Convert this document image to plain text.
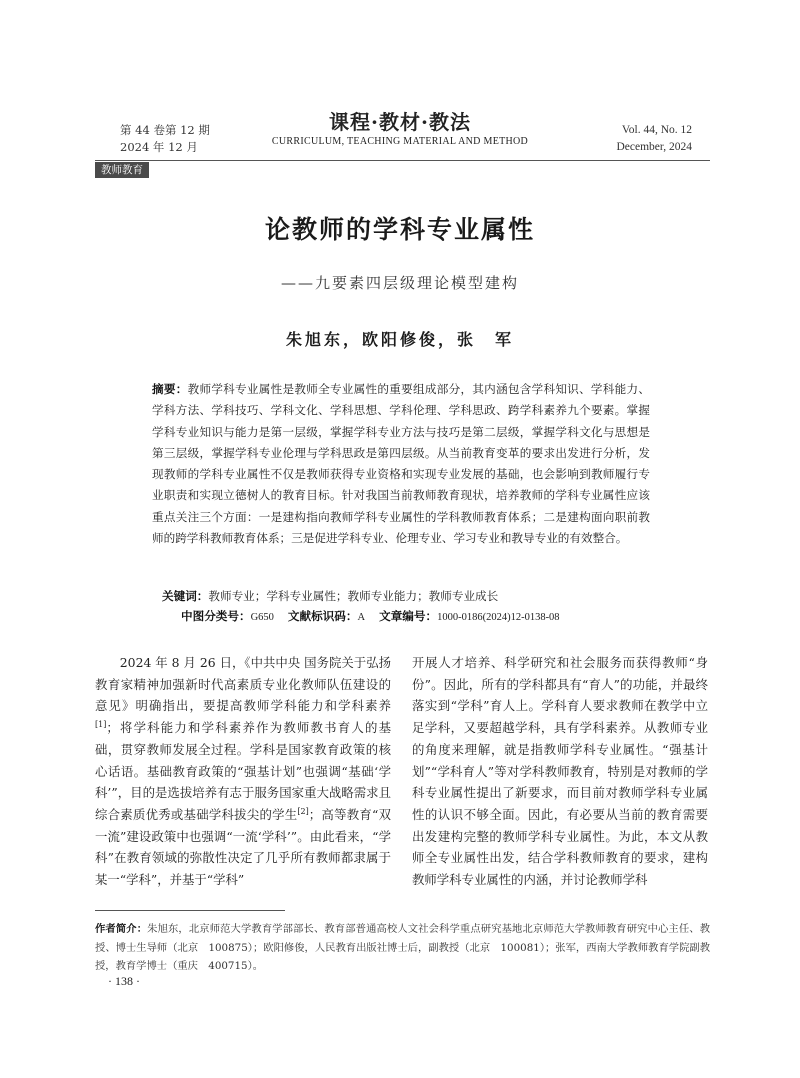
第 44 卷第 12 期
2024 年 12 月
课程·教材·教法
CURRICULUM, TEACHING MATERIAL AND METHOD
Vol. 44, No. 12
December, 2024
教师教育
论教师的学科专业属性
——九要素四层级理论模型建构
朱旭东，欧阳修俊，张　军
摘要：教师学科专业属性是教师全专业属性的重要组成部分，其内涵包含学科知识、学科能力、学科方法、学科技巧、学科文化、学科思想、学科伦理、学科思政、跨学科素养九个要素。掌握学科专业知识与能力是第一层级，掌握学科专业方法与技巧是第二层级，掌握学科文化与思想是第三层级，掌握学科专业伦理与学科思政是第四层级。从当前教育变革的要求出发进行分析，发现教师的学科专业属性不仅是教师获得专业资格和实现专业发展的基础，也会影响到教师履行专业职责和实现立德树人的教育目标。针对我国当前教师教育现状，培养教师的学科专业属性应该重点关注三个方面：一是建构指向教师学科专业属性的学科教师教育体系；二是建构面向职前教师的跨学科教师教育体系；三是促进学科专业、伦理专业、学习专业和教导专业的有效整合。
关键词：教师专业；学科专业属性；教师专业能力；教师专业成长
中图分类号：G650 文献标识码：A 文章编号：1000-0186(2024)12-0138-08

2024 年 8 月 26 日，《中共中央 国务院关于弘扬教育家精神加强新时代高素质专业化教师队伍建设的意见》明确指出，要提高教师学科能力和学科素养[1]；将学科能力和学科素养作为教师教书育人的基础，贯穿教师发展全过程。学科是国家教育政策的核心话语。基础教育政策的“强基计划”也强调“基础‘学科’”，目的是选拔培养有志于服务国家重大战略需求且综合素质优秀或基础学科拔尖的学生[2]；高等教育“双一流”建设政策中也强调“一流‘学科’”。由此看来，“学科”在教育领域的弥散性决定了几乎所有教师都隶属于某一“学科”，并基于“学科”

开展人才培养、科学研究和社会服务而获得教师“身份”。因此，所有的学科都具有“育人”的功能，并最终落实到“学科”育人上。学科育人要求教师在教学中立足学科，又要超越学科，具有学科素养。从教师专业的角度来理解，就是指教师学科专业属性。“强基计划”“学科育人”等对学科教师教育，特别是对教师的学科专业属性提出了新要求，而目前对教师学科专业属性的认识不够全面。因此，有必要从当前的教育需要出发建构完整的教师学科专业属性。为此，本文从教师全专业属性出发，结合学科教师教育的要求，建构教师学科专业属性的内涵，并讨论教师学科

作者简介：朱旭东，北京师范大学教育学部部长、教育部普通高校人文社会科学重点研究基地北京师范大学教师教育研究中心主任、教授、博士生导师（北京　100875）；欧阳修俊，人民教育出版社博士后，副教授（北京　100081）；张军，西南大学教师教育学院副教授，教育学博士（重庆　400715）。
· 138 ·
